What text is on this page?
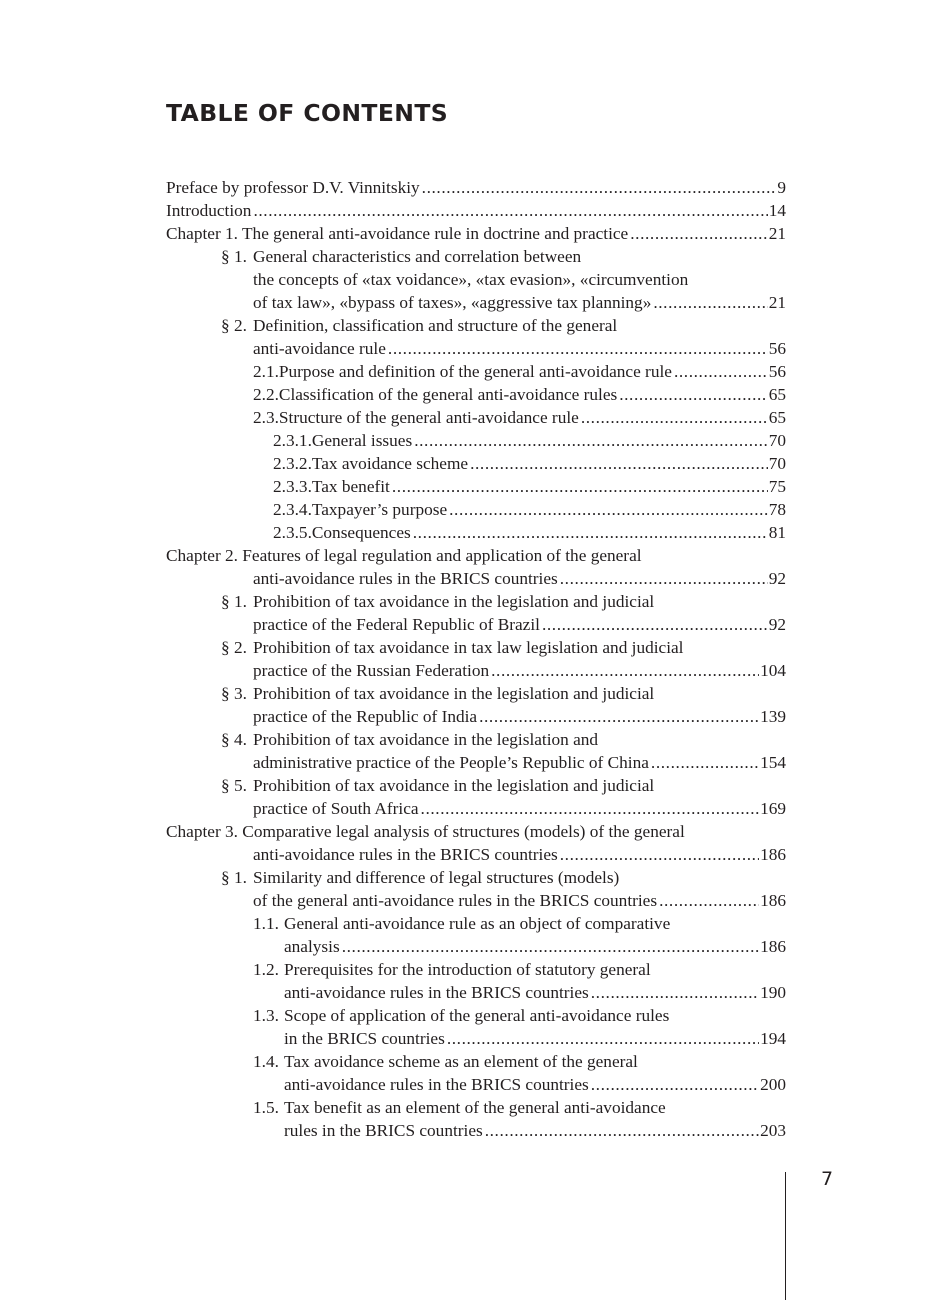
TABLE OF CONTENTS
Preface by professor D.V. Vinnitskiy .....	9
Introduction .....	14
Chapter 1. The general anti-avoidance rule in doctrine and practice .....	21
§ 1. General characteristics and correlation between
the concepts of «tax voidance», «tax evasion», «circumvention
of tax law», «bypass of taxes», «aggressive tax planning» .....	21
§ 2. Definition, classification and structure of the general
anti-avoidance rule .....	56
2.1. Purpose and definition of the general anti-avoidance rule .....	56
2.2. Classification of the general anti-avoidance rules .....	65
2.3. Structure of the general anti-avoidance rule .....	65
2.3.1. General issues .....	70
2.3.2. Tax avoidance scheme .....	70
2.3.3. Tax benefit .....	75
2.3.4. Taxpayer’s purpose .....	78
2.3.5. Consequences .....	81
Chapter 2. Features of legal regulation and application of the general
anti-avoidance rules in the BRICS countries .....	92
§ 1. Prohibition of tax avoidance in the legislation and judicial
practice of the Federal Republic of Brazil .....	92
§ 2. Prohibition of tax avoidance in tax law legislation and judicial
practice of the Russian Federation .....	104
§ 3. Prohibition of tax avoidance in the legislation and judicial
practice of the Republic of India .....	139
§ 4. Prohibition of tax avoidance in the legislation and
administrative practice of the People’s Republic of China .....	154
§ 5. Prohibition of tax avoidance in the legislation and judicial
practice of South Africa .....	169
Chapter 3. Comparative legal analysis of structures (models) of the general
anti-avoidance rules in the BRICS countries .....	186
§ 1. Similarity and difference of legal structures (models)
of the general anti-avoidance rules in the BRICS countries .....	186
1.1. General anti-avoidance rule as an object of comparative
analysis .....	186
1.2. Prerequisites for the introduction of statutory general
anti-avoidance rules in the BRICS countries .....	190
1.3. Scope of application of the general anti-avoidance rules
in the BRICS countries .....	194
1.4. Tax avoidance scheme as an element of the general
anti-avoidance rules in the BRICS countries .....	200
1.5. Tax benefit as an element of the general anti-avoidance
rules in the BRICS countries .....	203
7
